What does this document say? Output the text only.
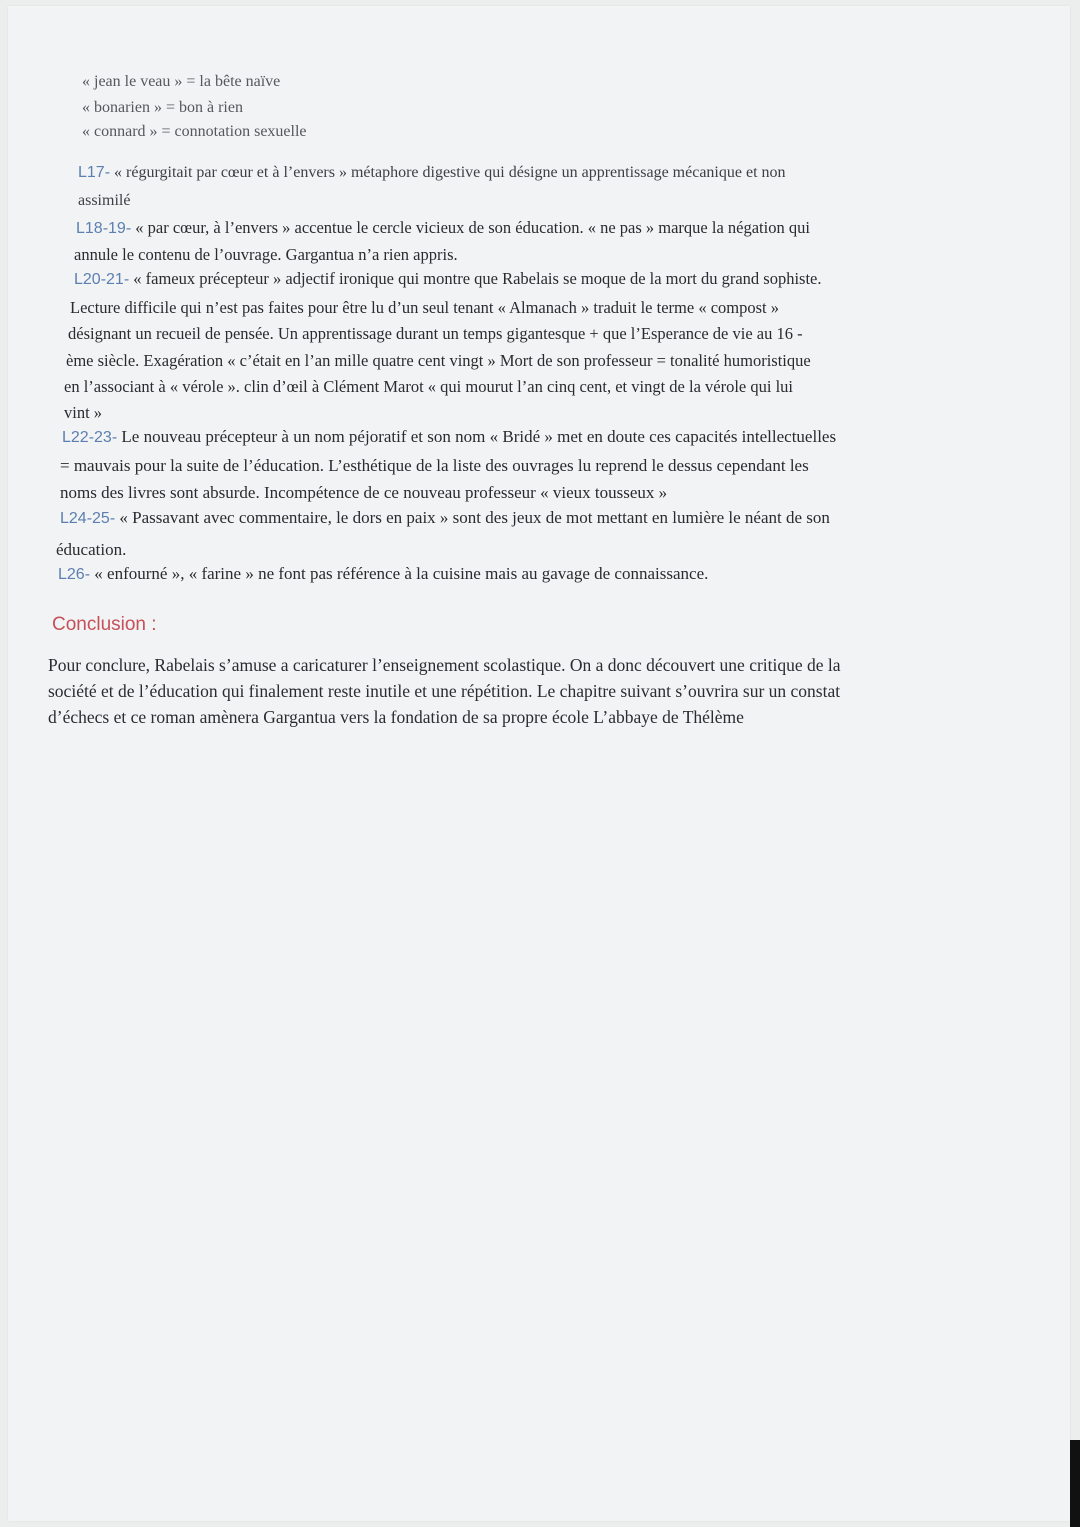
« jean le veau » = la bête naïve
« bonarien » = bon à rien
« connard » = connotation sexuelle
L17- « régurgitait par cœur et à l’envers » métaphore digestive qui désigne un apprentissage mécanique et non
assimilé
L18-19- « par cœur, à l’envers » accentue le cercle vicieux de son éducation. « ne pas » marque la négation qui
annule le contenu de l’ouvrage. Gargantua n’a rien appris.
L20-21- « fameux précepteur » adjectif ironique qui montre que Rabelais se moque de la mort du grand sophiste.
Lecture difficile qui n’est pas faites pour être lu d’un seul tenant « Almanach » traduit le terme « compost »
désignant un recueil de pensée. Un apprentissage durant un temps gigantesque + que l’Esperance de vie au 16 -
ème siècle. Exagération « c’était en l’an mille quatre cent vingt » Mort de son professeur = tonalité humoristique
en l’associant à « vérole ». clin d’œil à Clément Marot « qui mourut l’an cinq cent, et vingt de la vérole qui lui
vint »
L22-23- Le nouveau précepteur à un nom péjoratif et son nom « Bridé » met en doute ces capacités intellectuelles
= mauvais pour la suite de l’éducation. L’esthétique de la liste des ouvrages lu reprend le dessus cependant les
noms des livres sont absurde. Incompétence de ce nouveau professeur « vieux tousseux »
L24-25- « Passavant avec commentaire, le dors en paix » sont des jeux de mot mettant en lumière le néant de son
éducation.
L26- « enfourné », « farine » ne font pas référence à la cuisine mais au gavage de connaissance.
Conclusion :
Pour conclure, Rabelais s’amuse a caricaturer l’enseignement scolastique. On a donc découvert une critique de la
société et de l’éducation qui finalement reste inutile et une répétition. Le chapitre suivant s’ouvrira sur un constat
d’échecs et ce roman amènera Gargantua vers la fondation de sa propre école L’abbaye de Thélème
